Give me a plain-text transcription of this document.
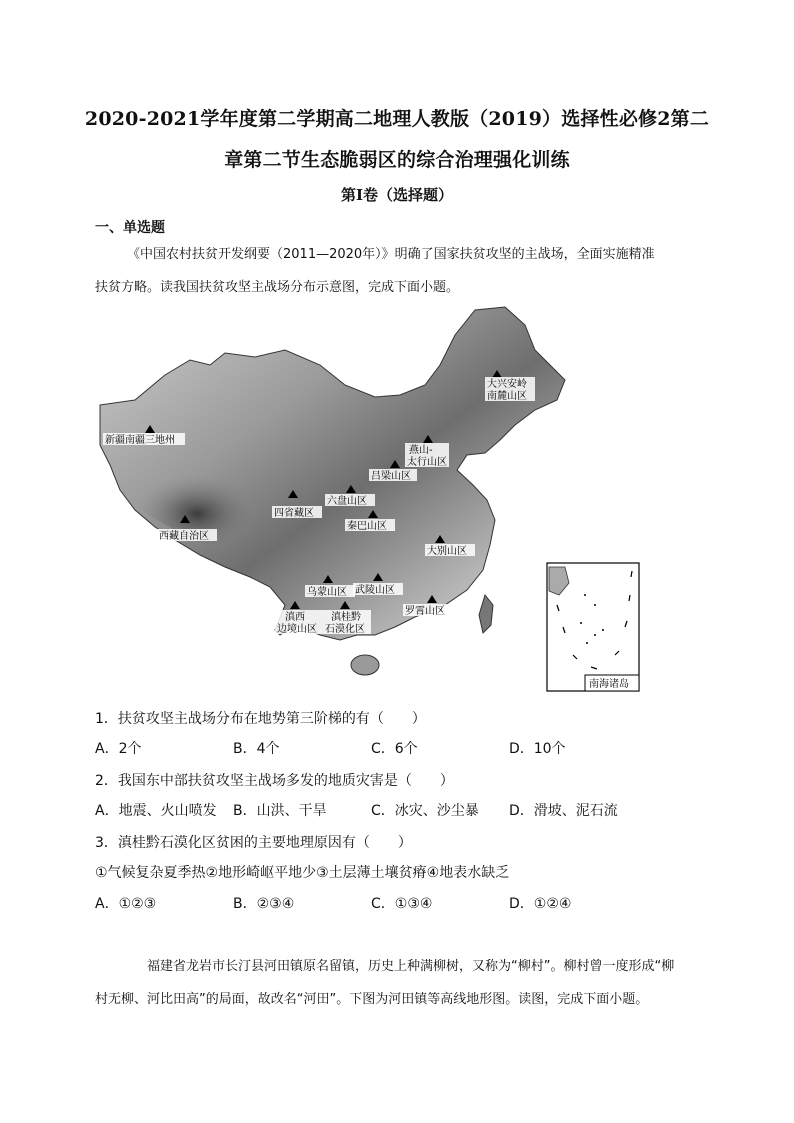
2020-2021学年度第二学期高二地理人教版（2019）选择性必修2第二
章第二节生态脆弱区的综合治理强化训练
第I卷（选择题）
一、单选题
《中国农村扶贫开发纲要（2011—2020年）》明确了国家扶贫攻坚的主战场，全面实施精准
扶贫方略。读我国扶贫攻坚主战场分布示意图，完成下面小题。
大兴安岭
南麓山区
新疆南疆三地州
燕山-
太行山区
吕梁山区
六盘山区
四省藏区
秦巴山区
西藏自治区
大别山区
乌蒙山区 武陵山区
罗霄山区
滇桂黔
石漠化区
滇西
边境山区
南海诸岛
1．扶贫攻坚主战场分布在地势第三阶梯的有（　　）
A．2个	B．4个	C．6个	D．10个
2．我国东中部扶贫攻坚主战场多发的地质灾害是（　　）
A．地震、火山喷发 B．山洪、干旱	C．冰灾、沙尘暴 D．滑坡、泥石流
3．滇桂黔石漠化区贫困的主要地理原因有（　　）
①气候复杂夏季热②地形崎岖平地少③土层薄土壤贫瘠④地表水缺乏
A．①②③	B．②③④	C．①③④	D．①②④
福建省龙岩市长汀县河田镇原名留镇，历史上种满柳树，又称为“柳村”。柳村曾一度形成“柳
村无柳、河比田高”的局面，故改名“河田”。下图为河田镇等高线地形图。读图，完成下面小题。
